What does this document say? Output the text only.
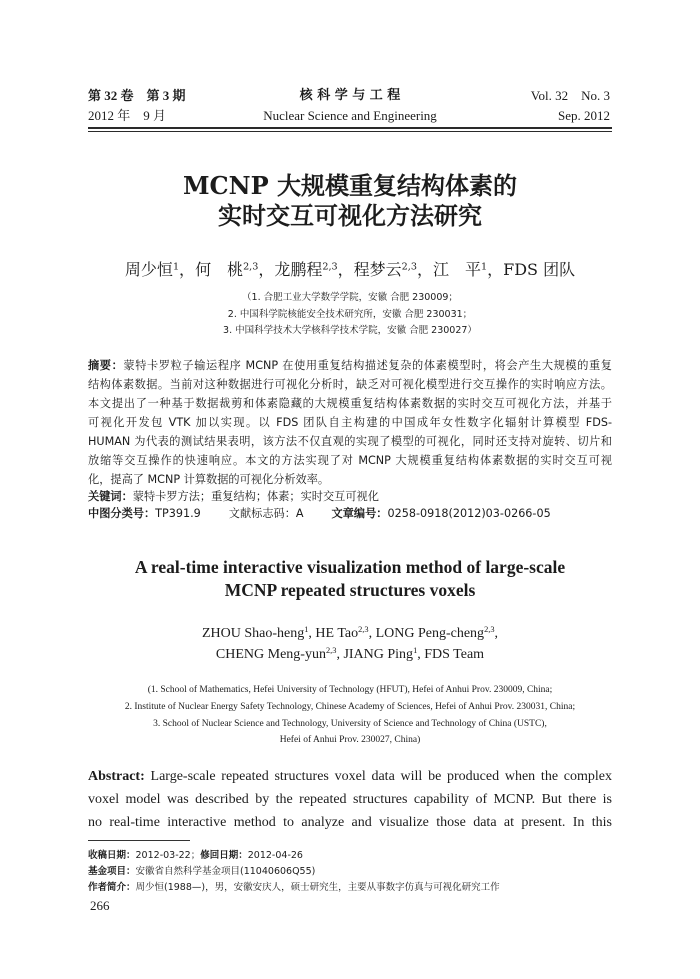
第 32 卷　第 3 期
2012 年　9 月
核 科 学 与 工 程
Nuclear Science and Engineering
Vol. 32　No. 3
Sep. 2012
MCNP 大规模重复结构体素的
实时交互可视化方法研究
周少恒$^1$，何　桃$^{2,3}$，龙鹏程$^{2,3}$，程梦云$^{2,3}$，江　平$^1$，FDS 团队
（1. 合肥工业大学数学学院，安徽 合肥 230009；
2. 中国科学院核能安全技术研究所，安徽 合肥 230031；
3. 中国科学技术大学核科学技术学院，安徽 合肥 230027）
摘要：蒙特卡罗粒子输运程序 MCNP 在使用重复结构描述复杂的体素模型时，将会产生大规模的重复
结构体素数据。当前对这种数据进行可视化分析时，缺乏对可视化模型进行交互操作的实时响应方法。
本文提出了一种基于数据裁剪和体素隐藏的大规模重复结构体素数据的实时交互可视化方法，并基于
可视化开发包 VTK 加以实现。以 FDS 团队自主构建的中国成年女性数字化辐射计算模型 FDS-
HUMAN 为代表的测试结果表明，该方法不仅直观的实现了模型的可视化，同时还支持对旋转、切片和
放缩等交互操作的快速响应。本文的方法实现了对 MCNP 大规模重复结构体素数据的实时交互可视
化，提高了 MCNP 计算数据的可视化分析效率。
关键词：蒙特卡罗方法；重复结构；体素；实时交互可视化
中图分类号：TP391.9	文献标志码：A	文章编号：0258-0918(2012)03-0266-05
A real-time interactive visualization method of large-scale
MCNP repeated structures voxels
ZHOU Shao-heng$^1$, HE Tao$^{2,3}$, LONG Peng-cheng$^{2,3}$,
CHENG Meng-yun$^{2,3}$, JIANG Ping$^1$, FDS Team
(1. School of Mathematics, Hefei University of Technology (HFUT), Hefei of Anhui Prov. 230009, China;
2. Institute of Nuclear Energy Safety Technology, Chinese Academy of Sciences, Hefei of Anhui Prov. 230031, China;
3. School of Nuclear Science and Technology, University of Science and Technology of China (USTC),
Hefei of Anhui Prov. 230027, China)
Abstract: Large-scale repeated structures voxel data will be produced when the complex
voxel model was described by the repeated structures capability of MCNP. But there is
no real-time interactive method to analyze and visualize those data at present. In this
收稿日期：2012-03-22；修回日期：2012-04-26
基金项目：安徽省自然科学基金项目(11040606Q55)
作者简介：周少恒(1988—)，男，安徽安庆人，硕士研究生，主要从事数字仿真与可视化研究工作
266
